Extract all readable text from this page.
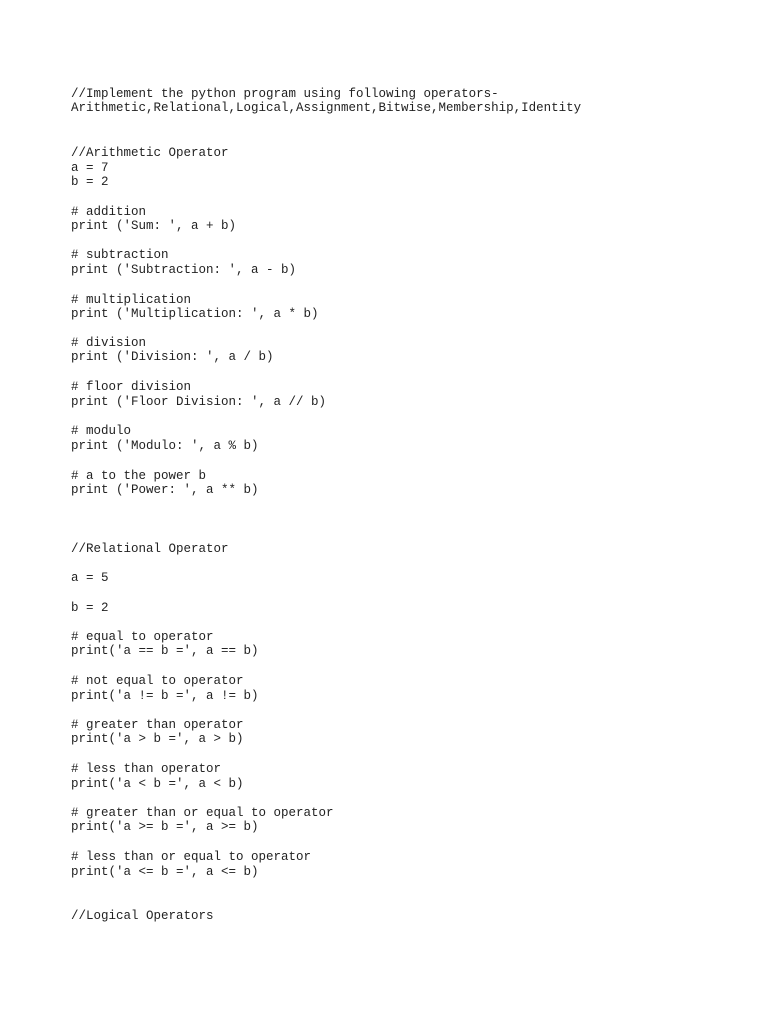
//Implement the python program using following operators-
Arithmetic,Relational,Logical,Assignment,Bitwise,Membership,Identity
//Arithmetic Operator
a = 7
b = 2
# addition
print ('Sum: ', a + b)
# subtraction
print ('Subtraction: ', a - b)
# multiplication
print ('Multiplication: ', a * b)
# division
print ('Division: ', a / b)
# floor division
print ('Floor Division: ', a // b)
# modulo
print ('Modulo: ', a % b)
# a to the power b
print ('Power: ', a ** b)
//Relational Operator
a = 5
b = 2
# equal to operator
print('a == b =', a == b)
# not equal to operator
print('a != b =', a != b)
# greater than operator
print('a > b =', a > b)
# less than operator
print('a < b =', a < b)
# greater than or equal to operator
print('a >= b =', a >= b)
# less than or equal to operator
print('a <= b =', a <= b)
//Logical Operators
